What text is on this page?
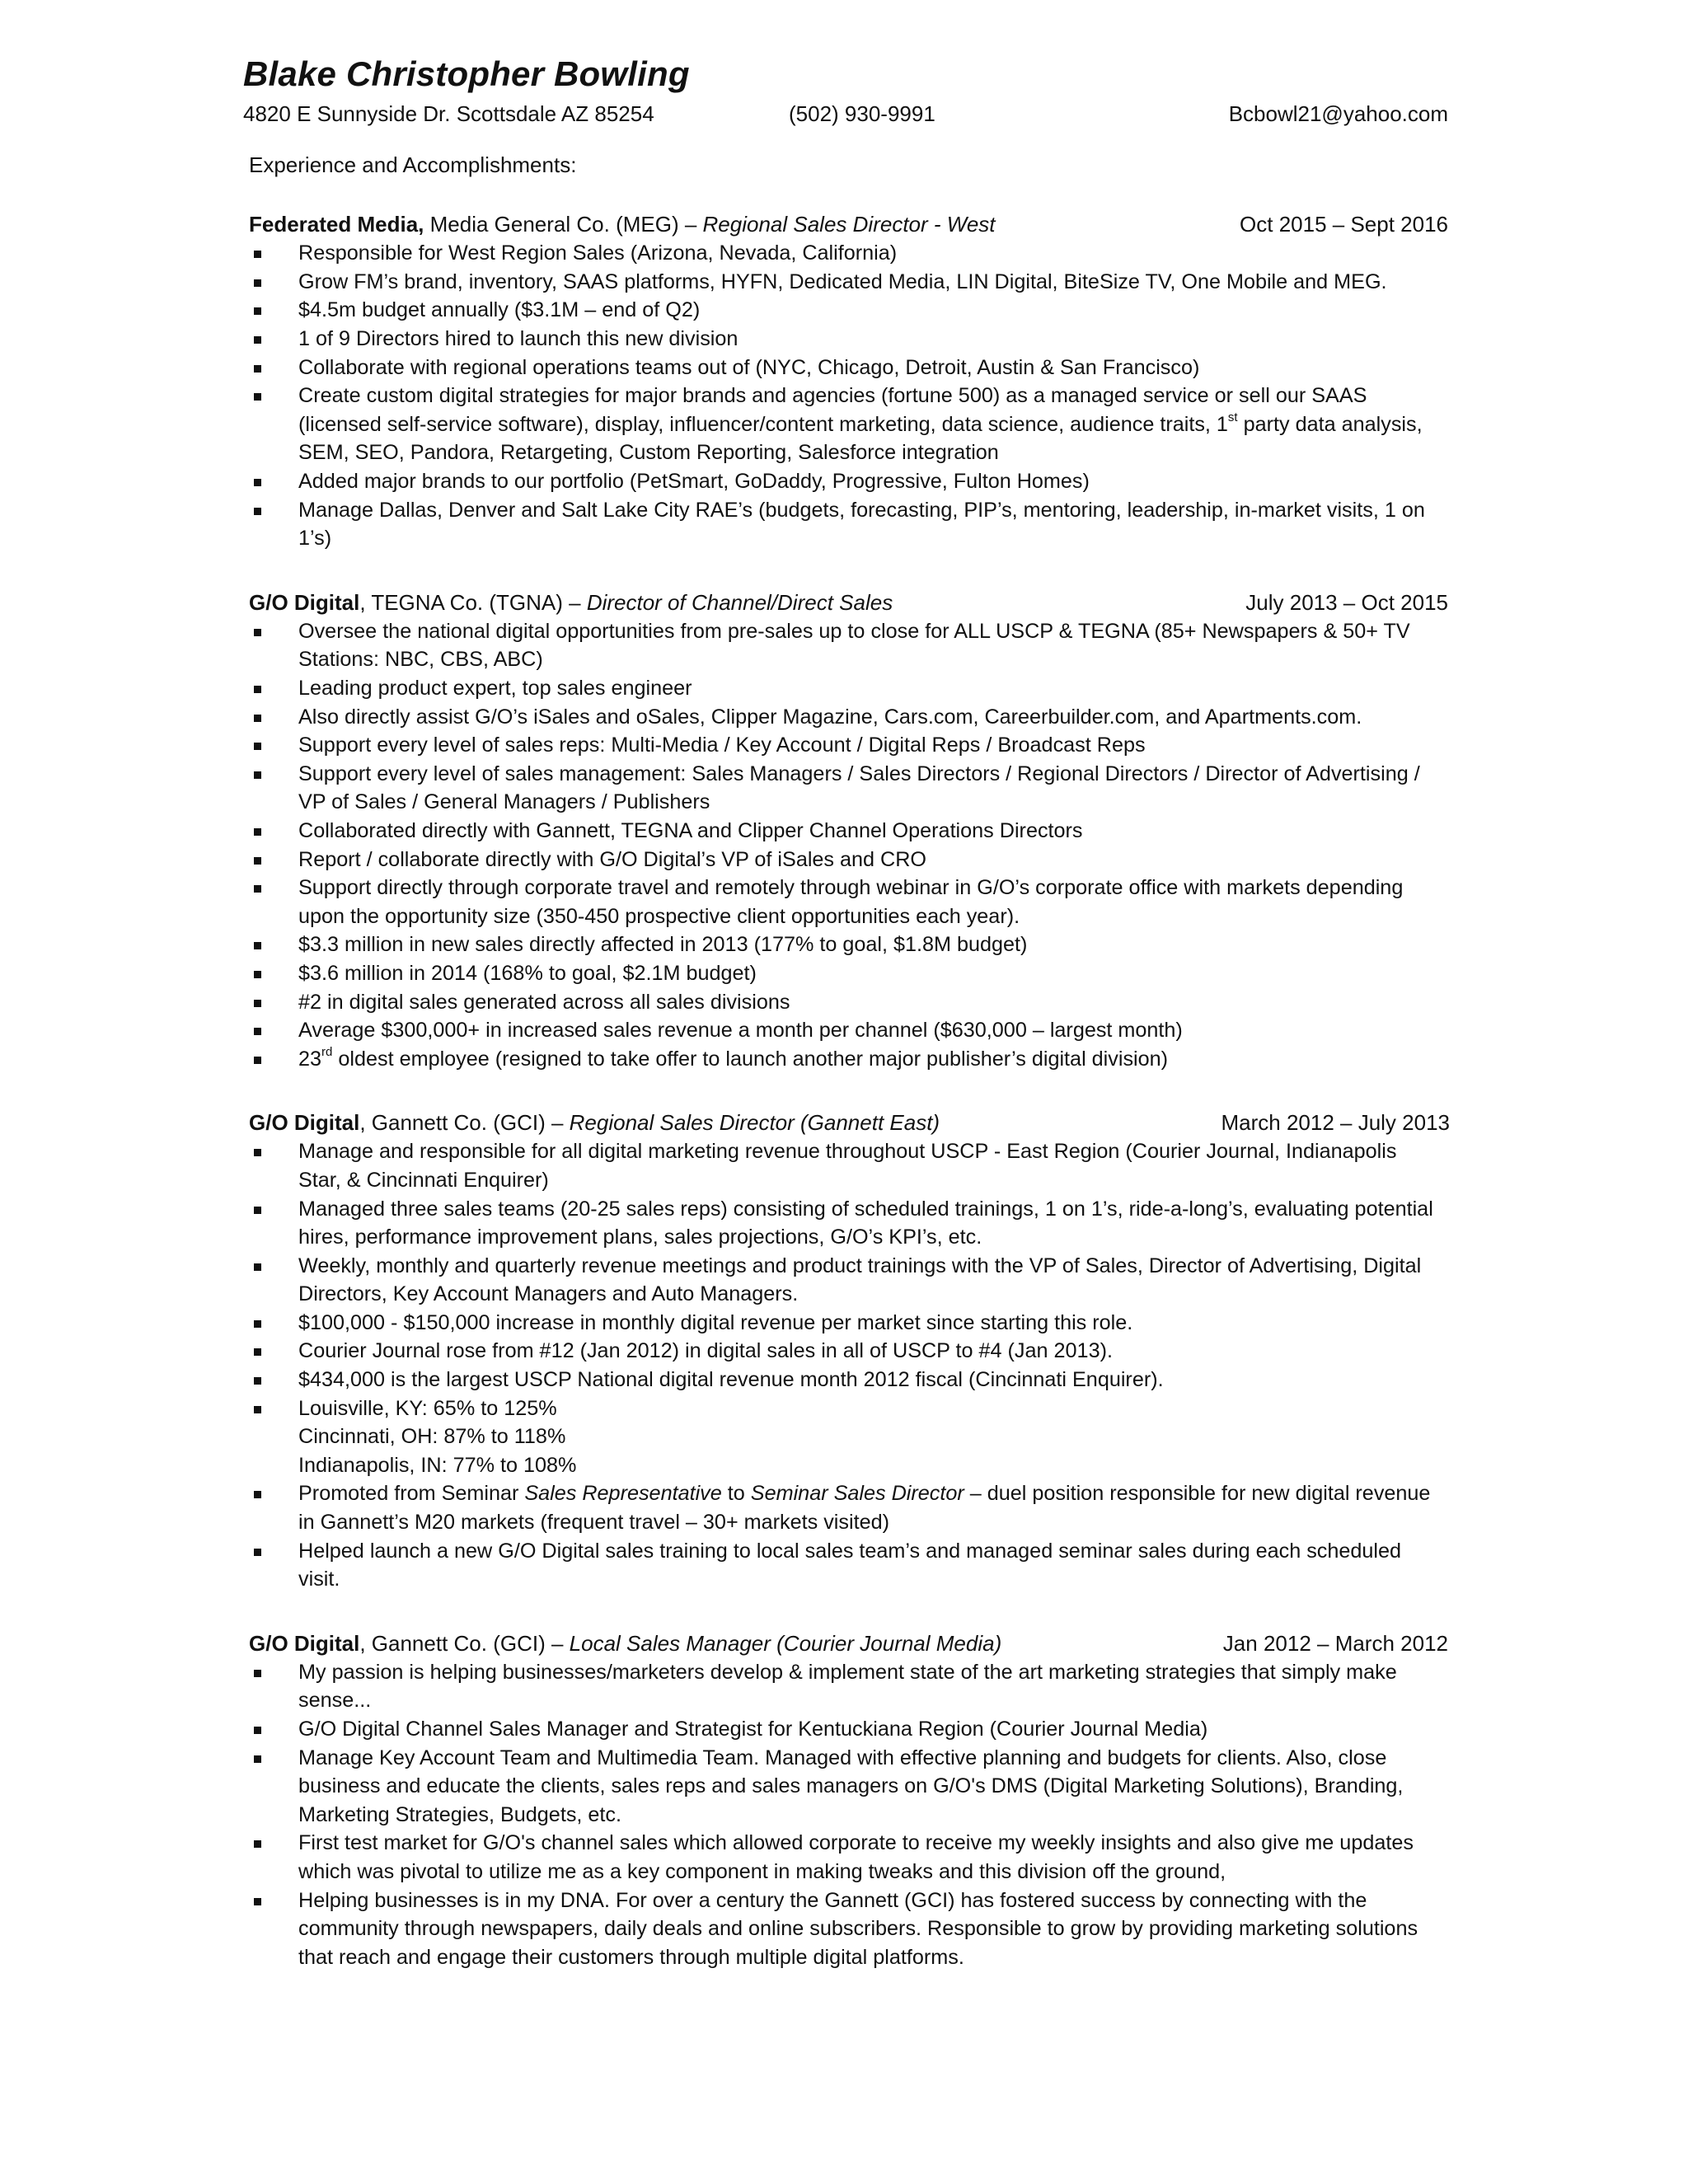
Blake Christopher Bowling
4820 E Sunnyside Dr. Scottsdale AZ 85254	(502) 930-9991	Bcbowl21@yahoo.com
Experience and Accomplishments:
Federated Media, Media General Co. (MEG) – Regional Sales Director - West	Oct 2015 – Sept 2016
Responsible for West Region Sales (Arizona, Nevada, California)
Grow FM’s brand, inventory, SAAS platforms, HYFN, Dedicated Media, LIN Digital, BiteSize TV, One Mobile and MEG.
$4.5m budget annually ($3.1M – end of Q2)
1 of 9 Directors hired to launch this new division
Collaborate with regional operations teams out of (NYC, Chicago, Detroit, Austin & San Francisco)
Create custom digital strategies for major brands and agencies (fortune 500) as a managed service or sell our SAAS (licensed self-service software), display, influencer/content marketing, data science, audience traits, 1st party data analysis, SEM, SEO, Pandora, Retargeting, Custom Reporting, Salesforce integration
Added major brands to our portfolio (PetSmart, GoDaddy, Progressive, Fulton Homes)
Manage Dallas, Denver and Salt Lake City RAE’s (budgets, forecasting, PIP’s, mentoring, leadership, in-market visits, 1 on 1’s)
G/O Digital, TEGNA Co. (TGNA) – Director of Channel/Direct Sales	July 2013 – Oct 2015
Oversee the national digital opportunities from pre-sales up to close for ALL USCP & TEGNA (85+ Newspapers & 50+ TV Stations: NBC, CBS, ABC)
Leading product expert, top sales engineer
Also directly assist G/O’s iSales and oSales, Clipper Magazine, Cars.com, Careerbuilder.com, and Apartments.com.
Support every level of sales reps: Multi-Media / Key Account / Digital Reps / Broadcast Reps
Support every level of sales management: Sales Managers / Sales Directors / Regional Directors / Director of Advertising / VP of Sales / General Managers / Publishers
Collaborated directly with Gannett, TEGNA and Clipper Channel Operations Directors
Report / collaborate directly with G/O Digital’s VP of iSales and CRO
Support directly through corporate travel and remotely through webinar in G/O’s corporate office with markets depending upon the opportunity size (350-450 prospective client opportunities each year).
$3.3 million in new sales directly affected in 2013 (177% to goal, $1.8M budget)
$3.6 million in 2014 (168% to goal, $2.1M budget)
#2 in digital sales generated across all sales divisions
Average $300,000+ in increased sales revenue a month per channel ($630,000 – largest month)
23rd oldest employee (resigned to take offer to launch another major publisher’s digital division)
G/O Digital, Gannett Co. (GCI) – Regional Sales Director (Gannett East)	March 2012 – July 2013
Manage and responsible for all digital marketing revenue throughout USCP - East Region (Courier Journal, Indianapolis Star, & Cincinnati Enquirer)
Managed three sales teams (20-25 sales reps) consisting of scheduled trainings, 1 on 1’s, ride-a-long’s, evaluating potential hires, performance improvement plans, sales projections, G/O’s KPI’s, etc.
Weekly, monthly and quarterly revenue meetings and product trainings with the VP of Sales, Director of Advertising, Digital Directors, Key Account Managers and Auto Managers.
$100,000 - $150,000 increase in monthly digital revenue per market since starting this role.
Courier Journal rose from #12 (Jan 2012) in digital sales in all of USCP to #4 (Jan 2013).
$434,000 is the largest USCP National digital revenue month 2012 fiscal (Cincinnati Enquirer).
Louisville, KY: 65% to 125%
Cincinnati, OH: 87% to 118%
Indianapolis, IN: 77% to 108%
Promoted from Seminar Sales Representative to Seminar Sales Director – duel position responsible for new digital revenue in Gannett’s M20 markets (frequent travel – 30+ markets visited)
Helped launch a new G/O Digital sales training to local sales team’s and managed seminar sales during each scheduled visit.
G/O Digital, Gannett Co. (GCI) – Local Sales Manager (Courier Journal Media)	Jan 2012 – March 2012
My passion is helping businesses/marketers develop & implement state of the art marketing strategies that simply make sense...
G/O Digital Channel Sales Manager and Strategist for Kentuckiana Region (Courier Journal Media)
Manage Key Account Team and Multimedia Team. Managed with effective planning and budgets for clients. Also, close business and educate the clients, sales reps and sales managers on G/O's DMS (Digital Marketing Solutions), Branding, Marketing Strategies, Budgets, etc.
First test market for G/O's channel sales which allowed corporate to receive my weekly insights and also give me updates which was pivotal to utilize me as a key component in making tweaks and this division off the ground,
Helping businesses is in my DNA. For over a century the Gannett (GCI) has fostered success by connecting with the community through newspapers, daily deals and online subscribers. Responsible to grow by providing marketing solutions that reach and engage their customers through multiple digital platforms.
